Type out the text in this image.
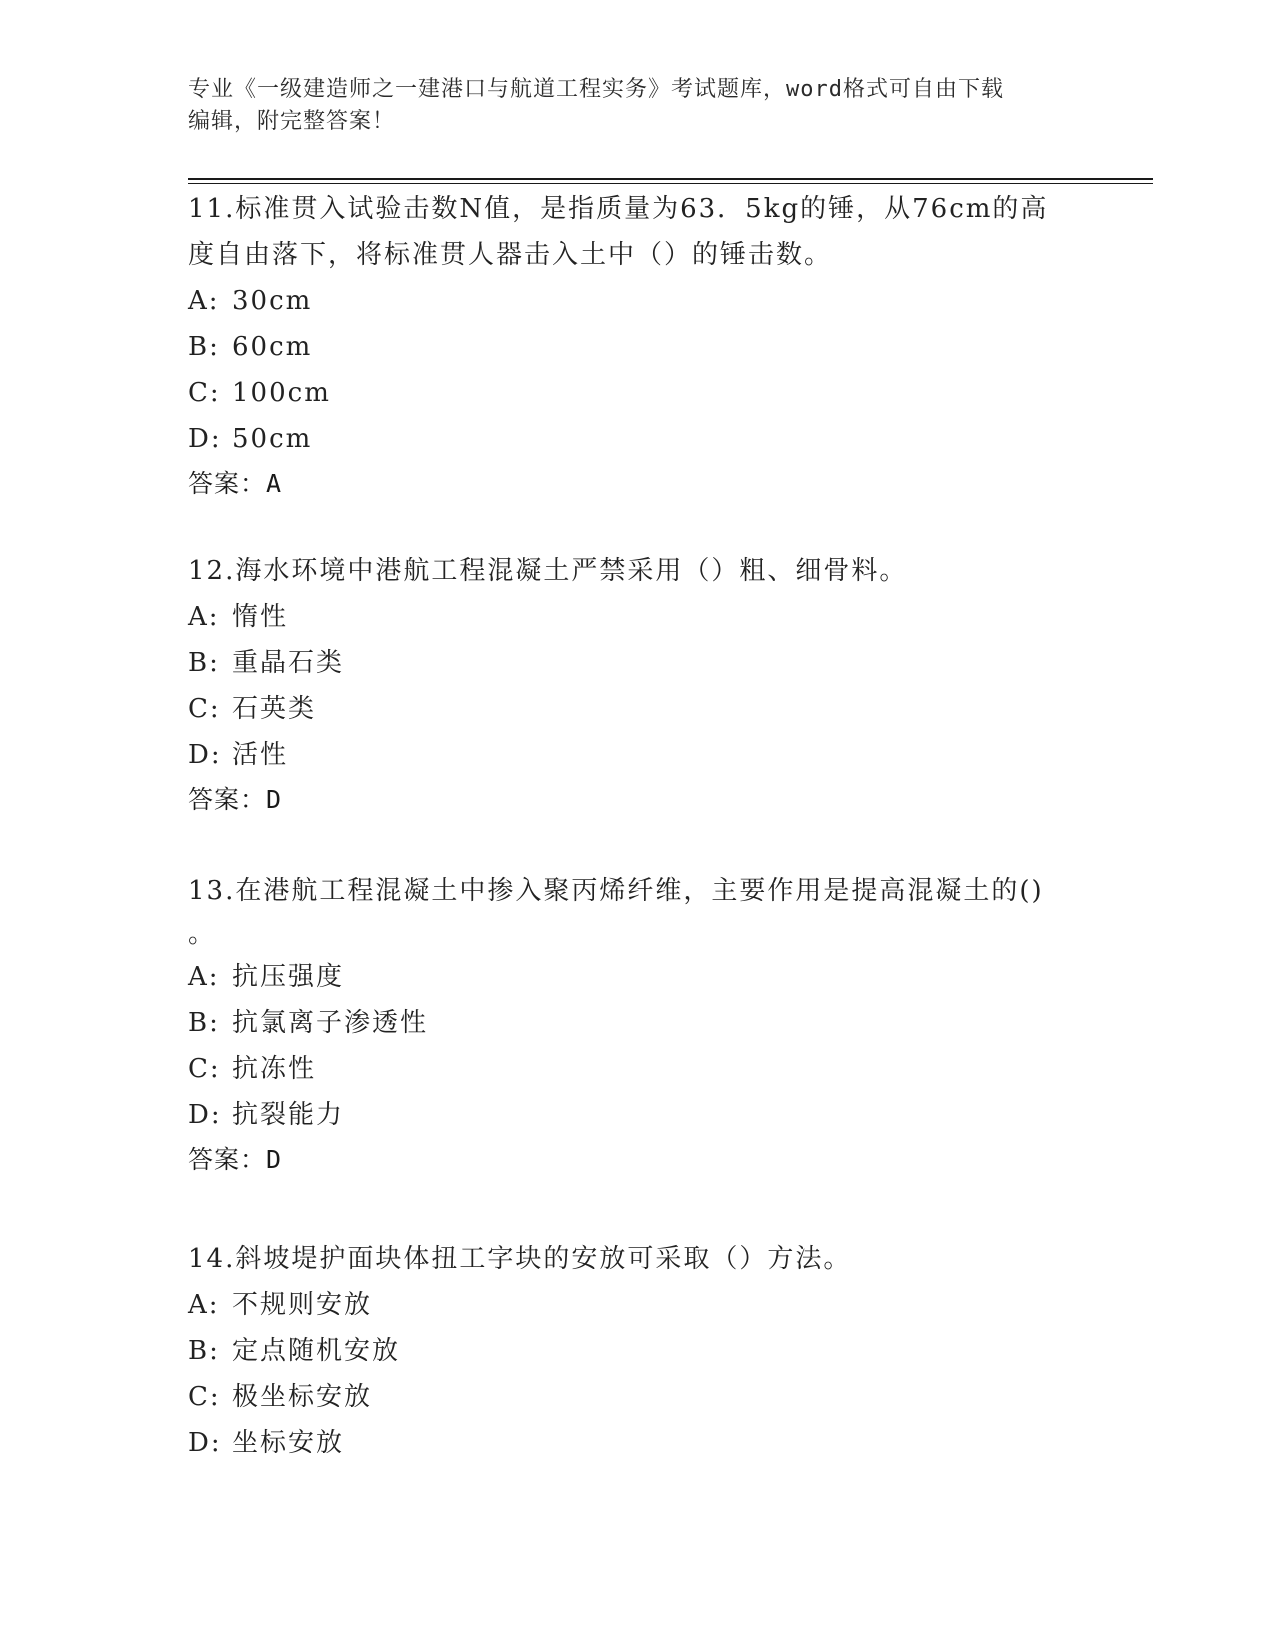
专业《一级建造师之一建港口与航道工程实务》考试题库，word格式可自由下载
编辑，附完整答案！
11.标准贯入试验击数N值，是指质量为63．5kg的锤，从76cm的高
度自由落下，将标准贯人器击入土中（）的锤击数。
A: 30cm
B: 60cm
C: 100cm
D: 50cm
答案：A
12.海水环境中港航工程混凝土严禁采用（）粗、细骨料。
A: 惰性
B: 重晶石类
C: 石英类
D: 活性
答案：D
13.在港航工程混凝土中掺入聚丙烯纤维，主要作用是提高混凝土的()
。
A: 抗压强度
B: 抗氯离子渗透性
C: 抗冻性
D: 抗裂能力
答案：D
14.斜坡堤护面块体扭工字块的安放可采取（）方法。
A: 不规则安放
B: 定点随机安放
C: 极坐标安放
D: 坐标安放
